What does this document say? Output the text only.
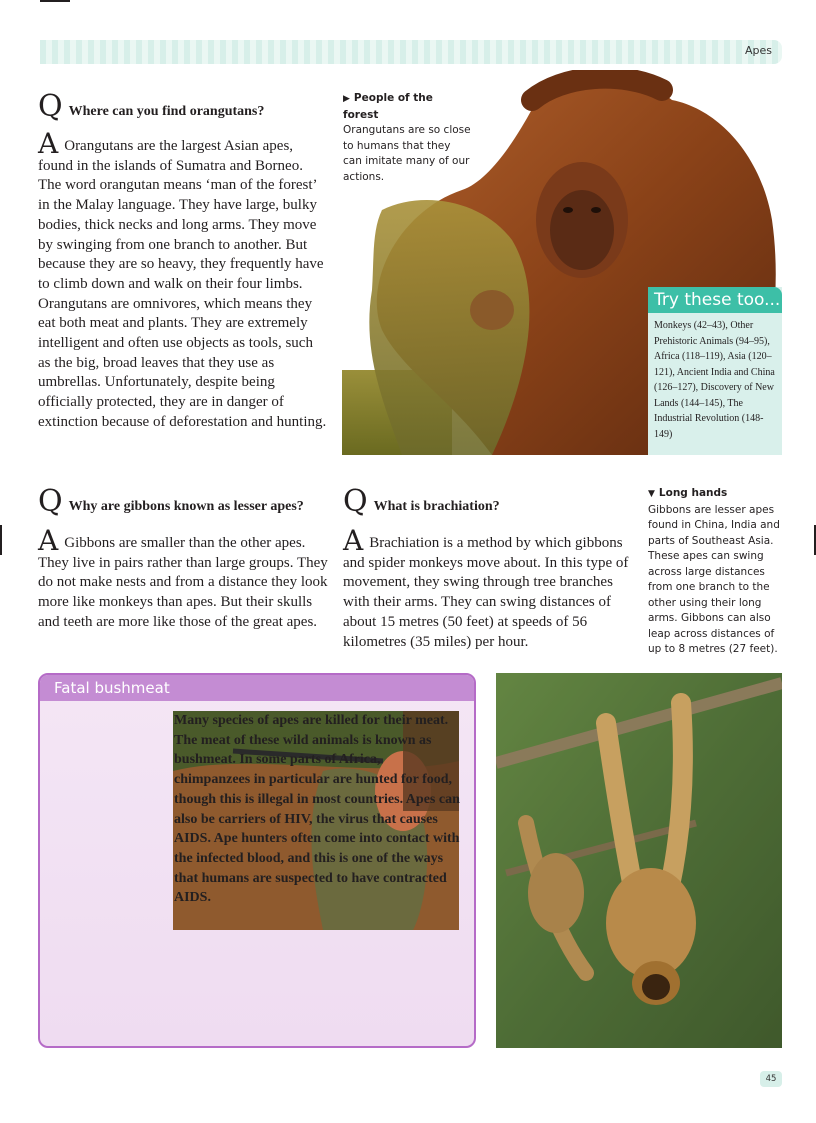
Apes
Q Where can you find orangutans?
A Orangutans are the largest Asian apes, found in the islands of Sumatra and Borneo. The word orangutan means ‘man of the forest’ in the Malay language. They have large, bulky bodies, thick necks and long arms. They move by swinging from one branch to another. But because they are so heavy, they frequently have to climb down and walk on their four limbs. Orangutans are omnivores, which means they eat both meat and plants. They are extremely intelligent and often use objects as tools, such as the big, broad leaves that they use as umbrellas. Unfortunately, despite being officially protected, they are in danger of extinction because of deforestation and hunting.
▶ People of the forest
Orangutans are so close to humans that they can imitate many of our actions.
Try these too...
Monkeys (42–43), Other Prehistoric Animals (94–95), Africa (118–119), Asia (120–121), Ancient India and China (126–127), Discovery of New Lands (144–145), The Industrial Revolution (148-149)
Q Why are gibbons known as lesser apes?
A Gibbons are smaller than the other apes. They live in pairs rather than large groups. They do not make nests and from a distance they look more like monkeys than apes. But their skulls and teeth are more like those of the great apes.
Q What is brachiation?
A Brachiation is a method by which gibbons and spider monkeys move about. In this type of movement, they swing through tree branches with their arms. They can swing distances of about 15 metres (50 feet) at speeds of 56 kilometres (35 miles) per hour.
▼ Long hands
Gibbons are lesser apes found in China, India and parts of Southeast Asia. These apes can swing across large distances from one branch to the other using their long arms. Gibbons can also leap across distances of up to 8 metres (27 feet).
Fatal bushmeat
Many species of apes are killed for their meat. The meat of these wild animals is known as bushmeat. In some parts of Africa, chimpanzees in particular are hunted for food, though this is illegal in most countries. Apes can also be carriers of HIV, the virus that causes AIDS. Ape hunters often come into contact with the infected blood, and this is one of the ways that humans are suspected to have contracted AIDS.
45
